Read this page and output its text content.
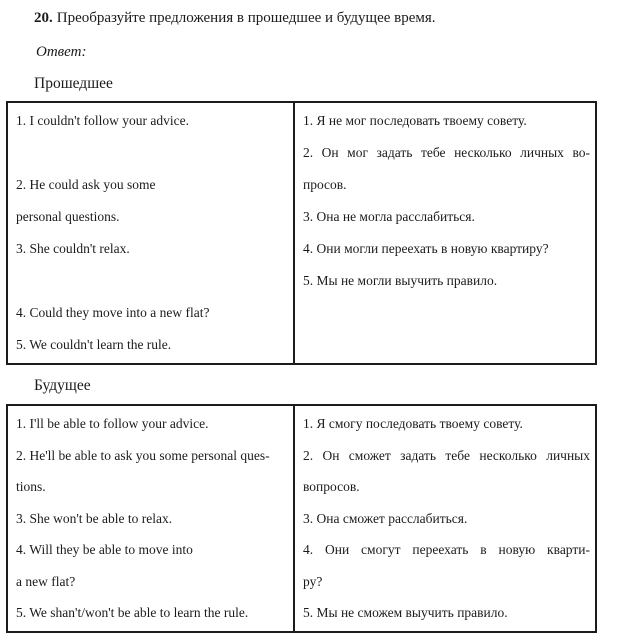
20. Преобразуйте предложения в прошедшее и будущее время.
Ответ:
Прошедшее
1. I couldn't follow your advice.

2. He could ask you some
personal questions.
3. She couldn't relax.

4. Could they move into a new flat?
5. We couldn't learn the rule.

1. Я не мог последовать твоему совету.
2. Он мог задать тебе несколько личных во-
просов.
3. Она не могла расслабиться.
4. Они могли переехать в новую квартиру?
5. Мы не могли выучить правило.
Будущее
1. I'll be able to follow your advice.
2. He'll be able to ask you some personal ques-
tions.
3. She won't be able to relax.
4. Will they be able to move into
a new flat?
5. We shan't/won't be able to learn the rule.

1. Я смогу последовать твоему совету.
2. Он сможет задать тебе несколько личных
вопросов.
3. Она сможет расслабиться.
4. Они смогут переехать в новую кварти-
ру?
5. Мы не сможем выучить правило.
